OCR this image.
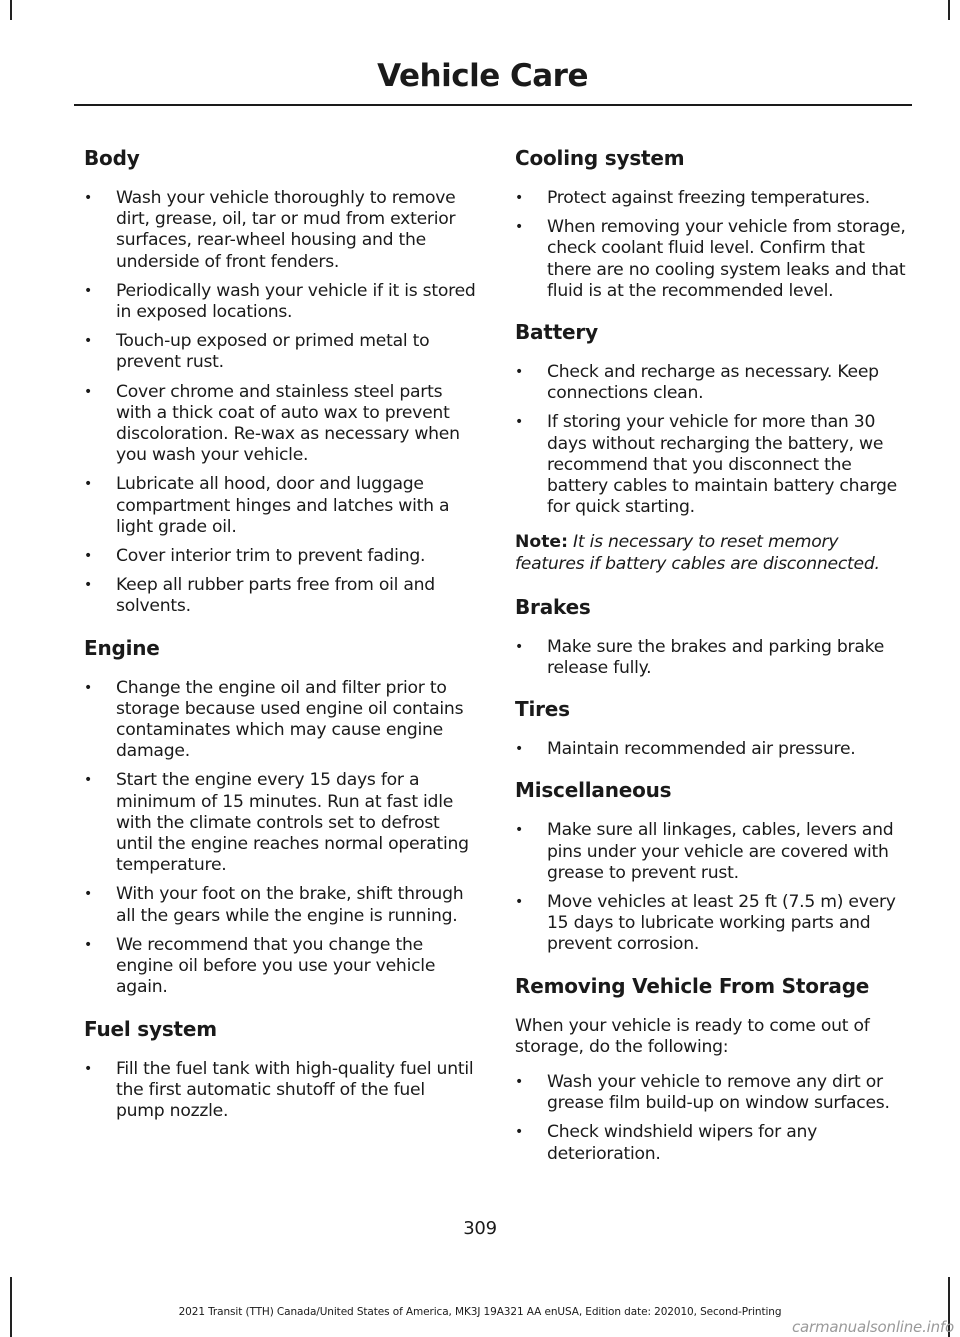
Vehicle Care
Body
• Wash your vehicle thoroughly to remove dirt, grease, oil, tar or mud from exterior surfaces, rear-wheel housing and the underside of front fenders.
• Periodically wash your vehicle if it is stored in exposed locations.
• Touch-up exposed or primed metal to prevent rust.
• Cover chrome and stainless steel parts with a thick coat of auto wax to prevent discoloration. Re-wax as necessary when you wash your vehicle.
• Lubricate all hood, door and luggage compartment hinges and latches with a light grade oil.
• Cover interior trim to prevent fading.
• Keep all rubber parts free from oil and solvents.
Engine
• Change the engine oil and filter prior to storage because used engine oil contains contaminates which may cause engine damage.
• Start the engine every 15 days for a minimum of 15 minutes. Run at fast idle with the climate controls set to defrost until the engine reaches normal operating temperature.
• With your foot on the brake, shift through all the gears while the engine is running.
• We recommend that you change the engine oil before you use your vehicle again.
Fuel system
• Fill the fuel tank with high-quality fuel until the first automatic shutoff of the fuel pump nozzle.
Cooling system
• Protect against freezing temperatures.
• When removing your vehicle from storage, check coolant fluid level. Confirm that there are no cooling system leaks and that fluid is at the recommended level.
Battery
• Check and recharge as necessary. Keep connections clean.
• If storing your vehicle for more than 30 days without recharging the battery, we recommend that you disconnect the battery cables to maintain battery charge for quick starting.
Note: It is necessary to reset memory features if battery cables are disconnected.
Brakes
• Make sure the brakes and parking brake release fully.
Tires
• Maintain recommended air pressure.
Miscellaneous
• Make sure all linkages, cables, levers and pins under your vehicle are covered with grease to prevent rust.
• Move vehicles at least 25 ft (7.5 m) every 15 days to lubricate working parts and prevent corrosion.
Removing Vehicle From Storage

When your vehicle is ready to come out of storage, do the following:

• Wash your vehicle to remove any dirt or grease film build-up on window surfaces.
• Check windshield wipers for any deterioration.

309

2021 Transit (TTH) Canada/United States of America, MK3J 19A321 AA enUSA, Edition date: 202010, Second-Printing

carmanualsonline.info
